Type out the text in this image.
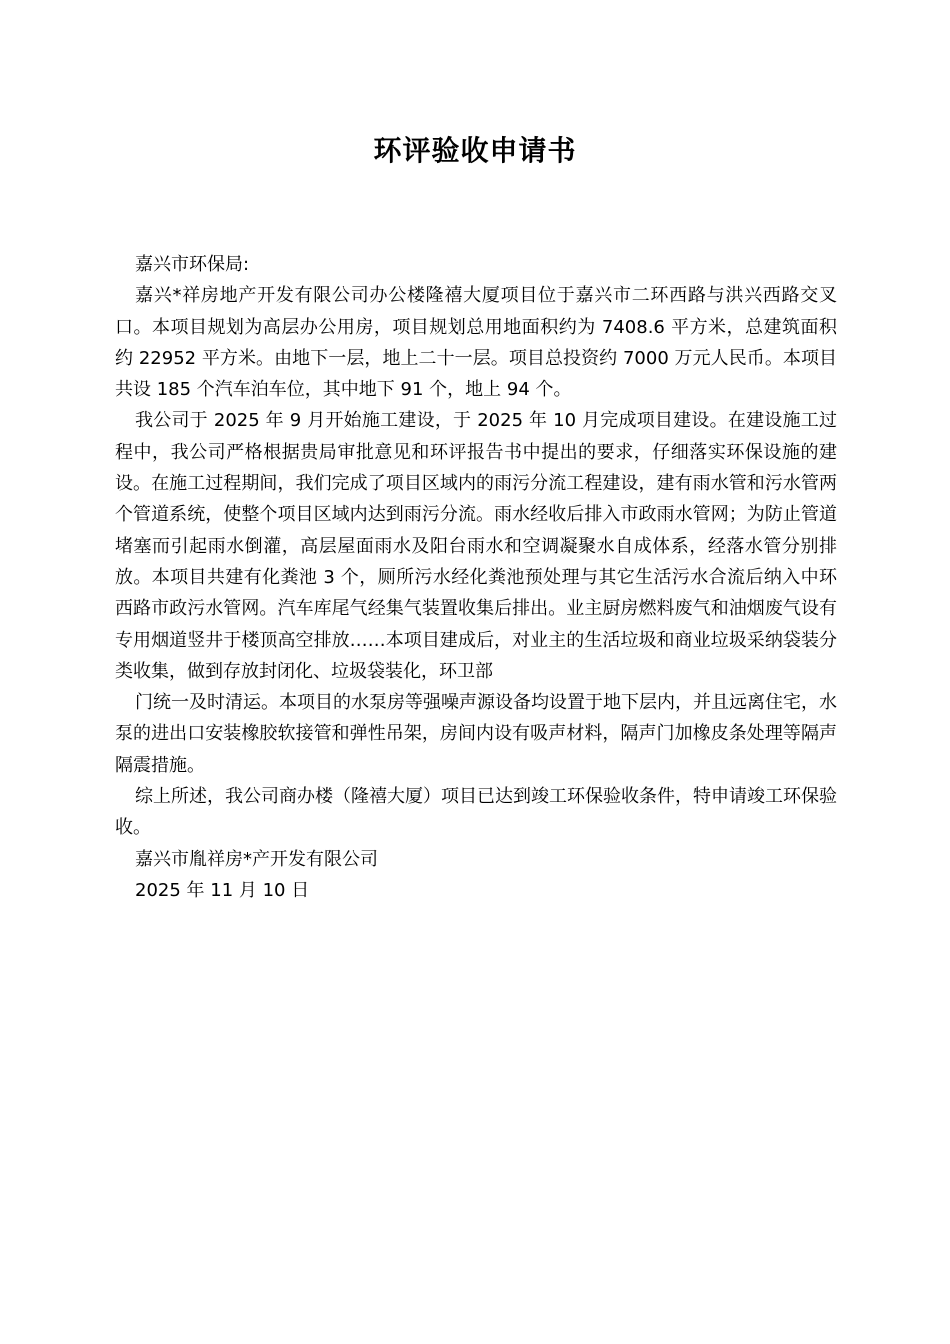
环评验收申请书

嘉兴市环保局:

嘉兴*祥房地产开发有限公司办公楼隆禧大厦项目位于嘉兴市二环西路与洪兴西路交叉口。本项目规划为高层办公用房，项目规划总用地面积约为 7408.6 平方米，总建筑面积约 22952 平方米。由地下一层，地上二十一层。项目总投资约 7000 万元人民币。本项目共设 185 个汽车泊车位，其中地下 91 个，地上 94 个。

我公司于 2025 年 9 月开始施工建设，于 2025 年 10 月完成项目建设。在建设施工过程中，我公司严格根据贵局审批意见和环评报告书中提出的要求，仔细落实环保设施的建设。在施工过程期间，我们完成了项目区域内的雨污分流工程建设，建有雨水管和污水管两个管道系统，使整个项目区域内达到雨污分流。雨水经收后排入市政雨水管网；为防止管道堵塞而引起雨水倒灌，高层屋面雨水及阳台雨水和空调凝聚水自成体系，经落水管分别排放。本项目共建有化粪池 3 个，厕所污水经化粪池预处理与其它生活污水合流后纳入中环西路市政污水管网。汽车库尾气经集气装置收集后排出。业主厨房燃料废气和油烟废气设有专用烟道竖井于楼顶高空排放……本项目建成后，对业主的生活垃圾和商业垃圾采纳袋装分类收集，做到存放封闭化、垃圾袋装化，环卫部

门统一及时清运。本项目的水泵房等强噪声源设备均设置于地下层内，并且远离住宅，水泵的进出口安装橡胶软接管和弹性吊架，房间内设有吸声材料，隔声门加橡皮条处理等隔声隔震措施。

综上所述，我公司商办楼（隆禧大厦）项目已达到竣工环保验收条件，特申请竣工环保验收。

嘉兴市胤祥房*产开发有限公司

2025 年 11 月 10 日
